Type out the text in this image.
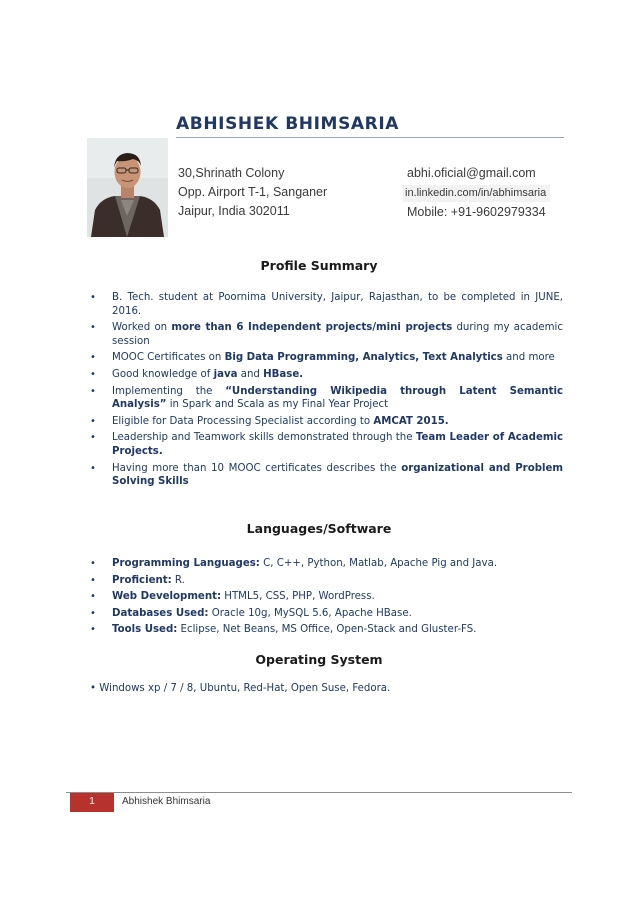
ABHISHEK BHIMSARIA
30,Shrinath Colony
Opp. Airport T-1, Sanganer
Jaipur, India 302011
abhi.oficial@gmail.com
in.linkedin.com/in/abhimsaria
Mobile: +91-9602979334
Profile Summary
• B. Tech. student at Poornima University, Jaipur, Rajasthan, to be completed in JUNE, 2016.
• Worked on more than 6 Independent projects/mini projects during my academic session
• MOOC Certificates on Big Data Programming, Analytics, Text Analytics and more
• Good knowledge of java and HBase.
• Implementing the “Understanding Wikipedia through Latent Semantic Analysis” in Spark and Scala as my Final Year Project
• Eligible for Data Processing Specialist according to AMCAT 2015.
• Leadership and Teamwork skills demonstrated through the Team Leader of Academic Projects.
• Having more than 10 MOOC certificates describes the organizational and Problem Solving Skills
Languages/Software
• Programming Languages: C, C++, Python, Matlab, Apache Pig and Java.
• Proficient: R.
• Web Development: HTML5, CSS, PHP, WordPress.
• Databases Used: Oracle 10g, MySQL 5.6, Apache HBase.
• Tools Used: Eclipse, Net Beans, MS Office, Open-Stack and Gluster-FS.
Operating System
• Windows xp / 7 / 8, Ubuntu, Red-Hat, Open Suse, Fedora.
1	Abhishek Bhimsaria
